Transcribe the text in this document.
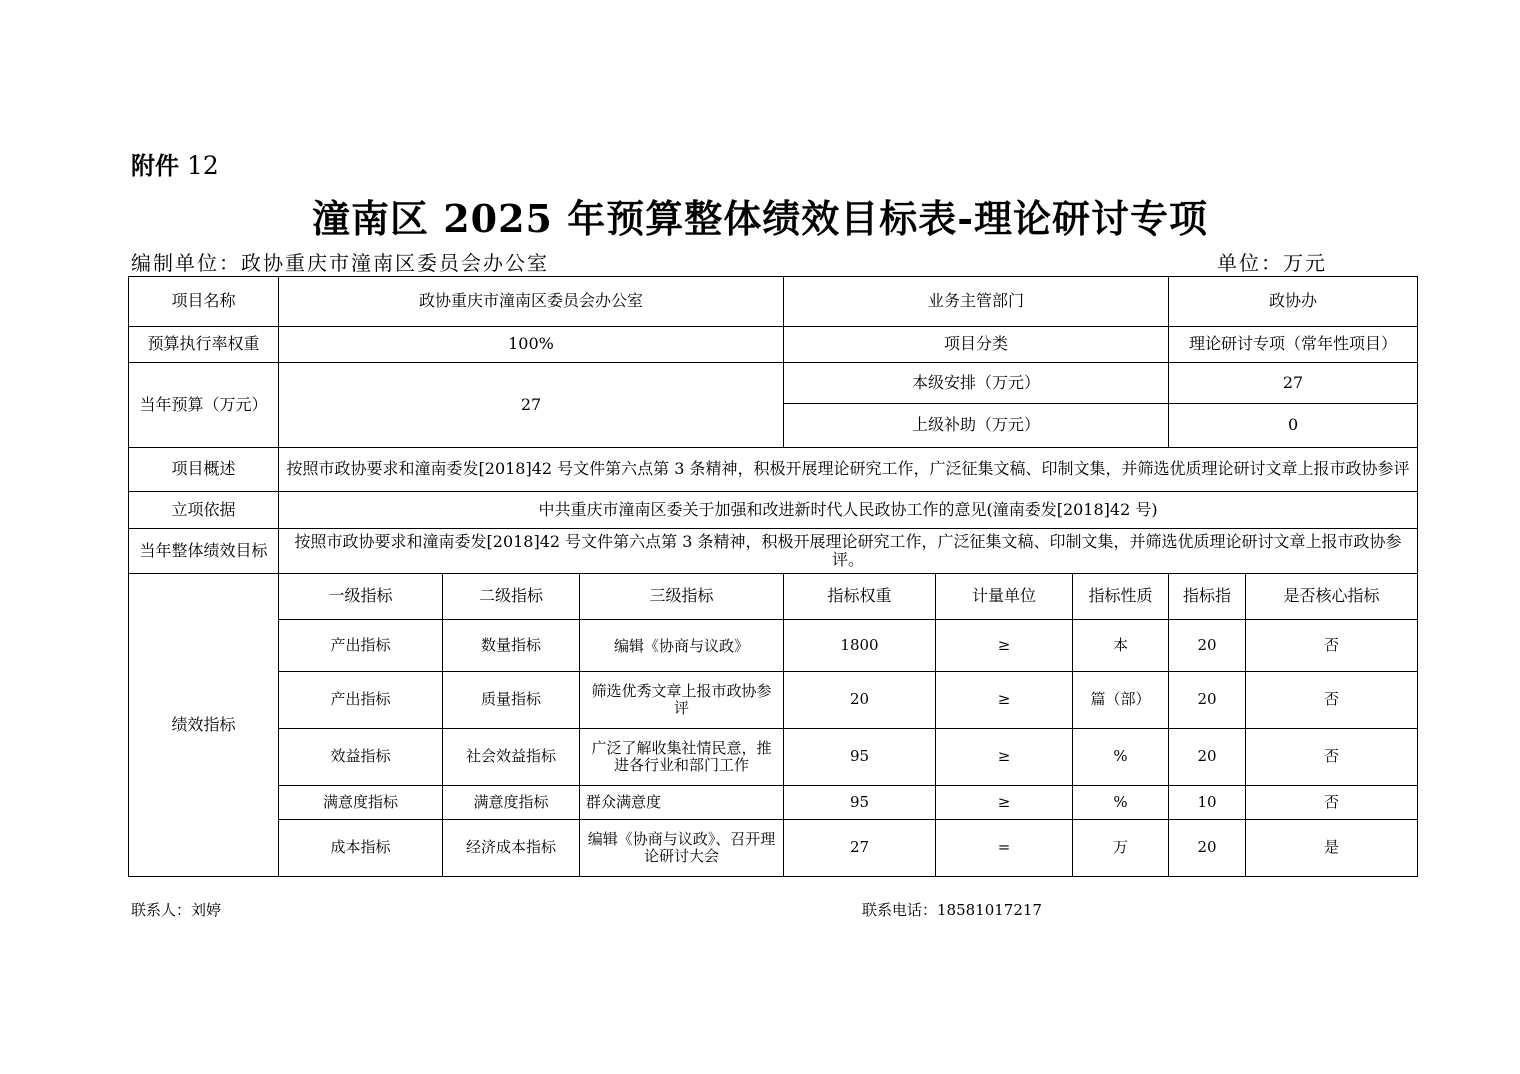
附件 12
潼南区 2025 年预算整体绩效目标表-理论研讨专项
编制单位：政协重庆市潼南区委员会办公室	单位：万元
项目名称	政协重庆市潼南区委员会办公室			业务主管部门			政协办	
预算执行率权重	100%			项目分类			理论研讨专项（常年性项目）	
当年预算（万元）	27			本级安排（万元）			27	
				上级补助（万元）			0	
项目概述	按照市政协要求和潼南委发[2018]42 号文件第六点第 3 条精神，积极开展理论研究工作，广泛征集文稿、印制文集，并筛选优质理论研讨文章上报市政协参评							
立项依据	中共重庆市潼南区委关于加强和改进新时代人民政协工作的意见(潼南委发[2018]42 号)							
当年整体绩效目标	按照市政协要求和潼南委发[2018]42 号文件第六点第 3 条精神，积极开展理论研究工作，广泛征集文稿、印制文集，并筛选优质理论研讨文章上报市政协参评。							
绩效指标	一级指标	二级指标	三级指标	指标权重	计量单位	指标性质	指标指	是否核心指标
	产出指标	数量指标	编辑《协商与议政》	1800	≥	本	20	否
	产出指标	质量指标	筛选优秀文章上报市政协参评	20	≥	篇（部）	20	否
	效益指标	社会效益指标	广泛了解收集社情民意，推进各行业和部门工作	95	≥	%	20	否
	满意度指标	满意度指标	群众满意度	95	≥	%	10	否
	成本指标	经济成本指标	编辑《协商与议政》、召开理论研讨大会	27	=	万	20	是
联系人：刘婷	联系电话：18581017217
